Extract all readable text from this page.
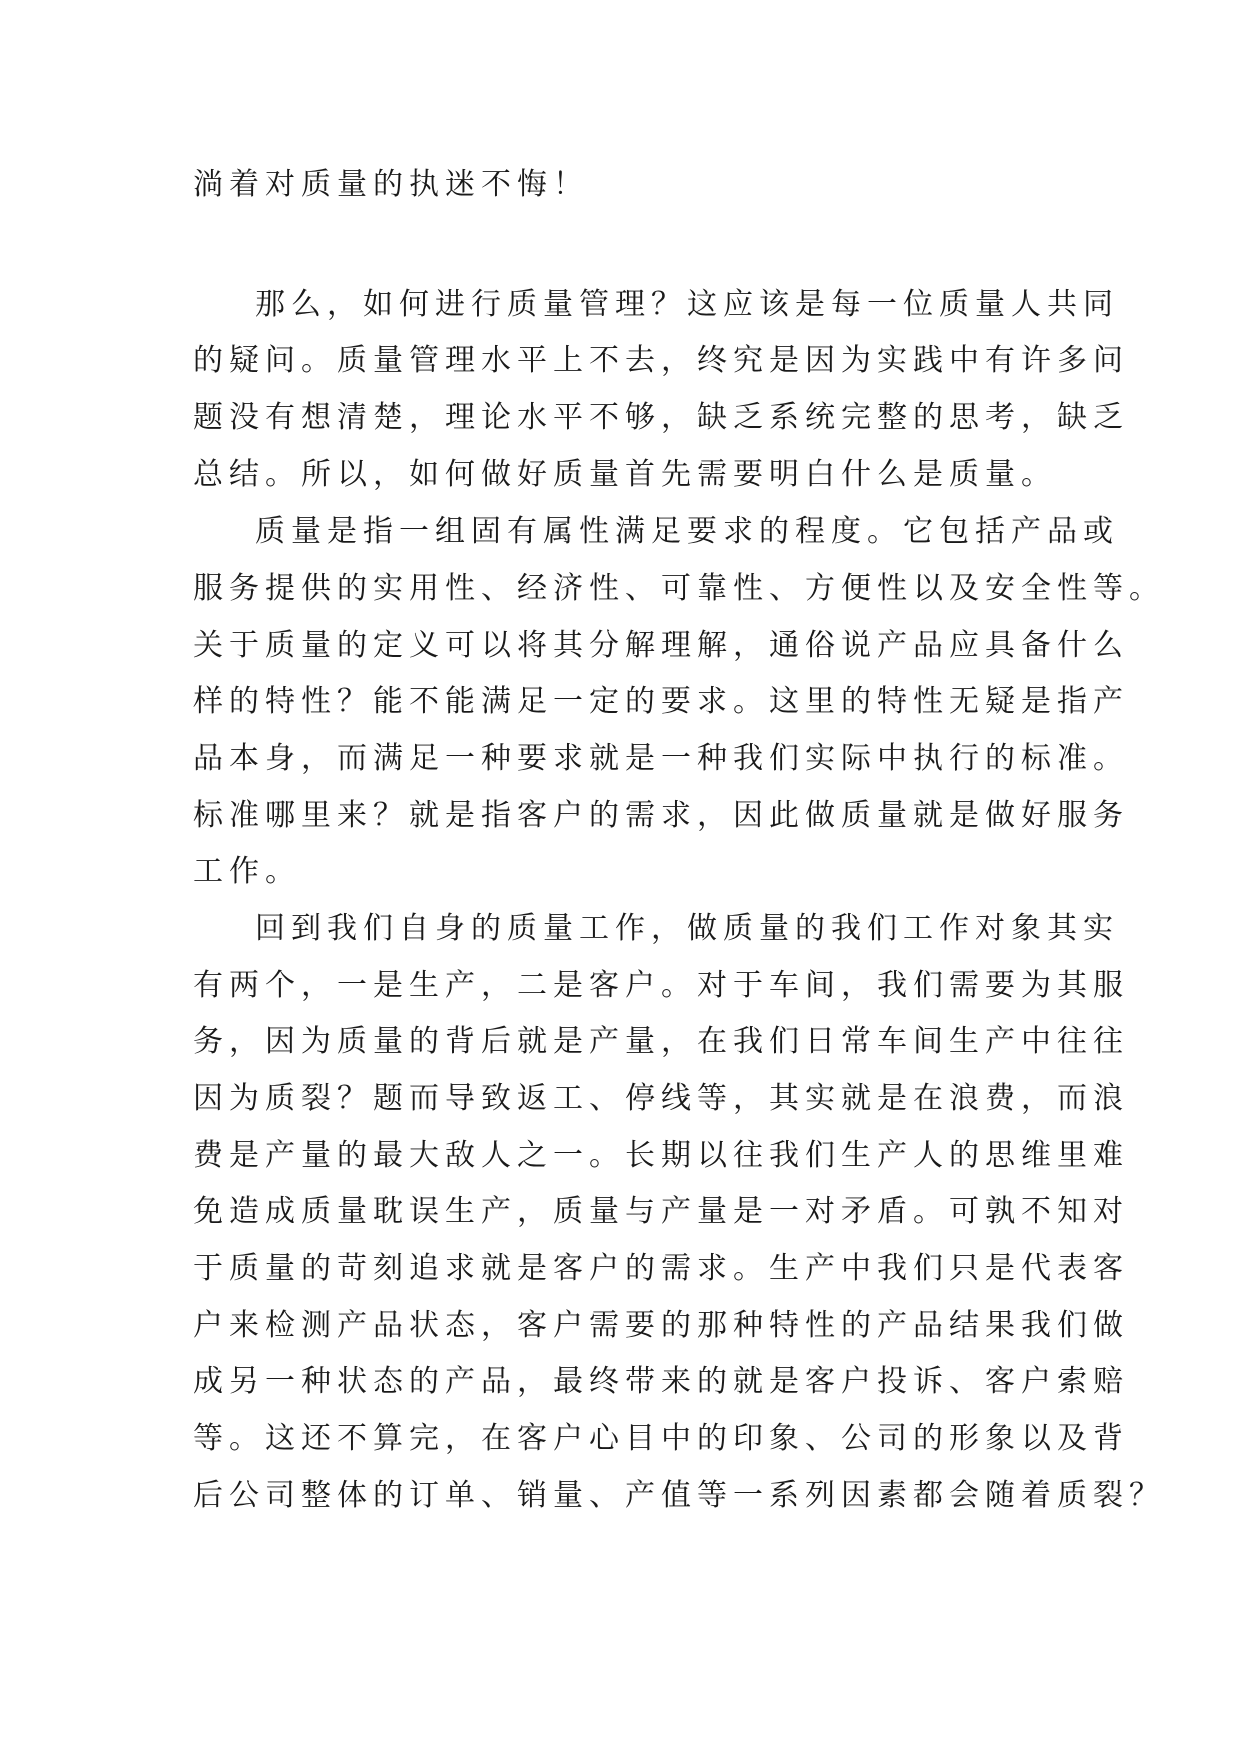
淌着对质量的执迷不悔！
那么，如何进行质量管理？这应该是每一位质量人共同
的疑问。质量管理水平上不去，终究是因为实践中有许多问
题没有想清楚，理论水平不够，缺乏系统完整的思考，缺乏
总结。所以，如何做好质量首先需要明白什么是质量。
质量是指一组固有属性满足要求的程度。它包括产品或
服务提供的实用性、经济性、可靠性、方便性以及安全性等。
关于质量的定义可以将其分解理解，通俗说产品应具备什么
样的特性？能不能满足一定的要求。这里的特性无疑是指产
品本身，而满足一种要求就是一种我们实际中执行的标准。
标准哪里来？就是指客户的需求，因此做质量就是做好服务
工作。
回到我们自身的质量工作，做质量的我们工作对象其实
有两个，一是生产，二是客户。对于车间，我们需要为其服
务，因为质量的背后就是产量，在我们日常车间生产中往往
因为质裂？题而导致返工、停线等，其实就是在浪费，而浪
费是产量的最大敌人之一。长期以往我们生产人的思维里难
免造成质量耽误生产，质量与产量是一对矛盾。可孰不知对
于质量的苛刻追求就是客户的需求。生产中我们只是代表客
户来检测产品状态，客户需要的那种特性的产品结果我们做
成另一种状态的产品，最终带来的就是客户投诉、客户索赔
等。这还不算完，在客户心目中的印象、公司的形象以及背
后公司整体的订单、销量、产值等一系列因素都会随着质裂？
